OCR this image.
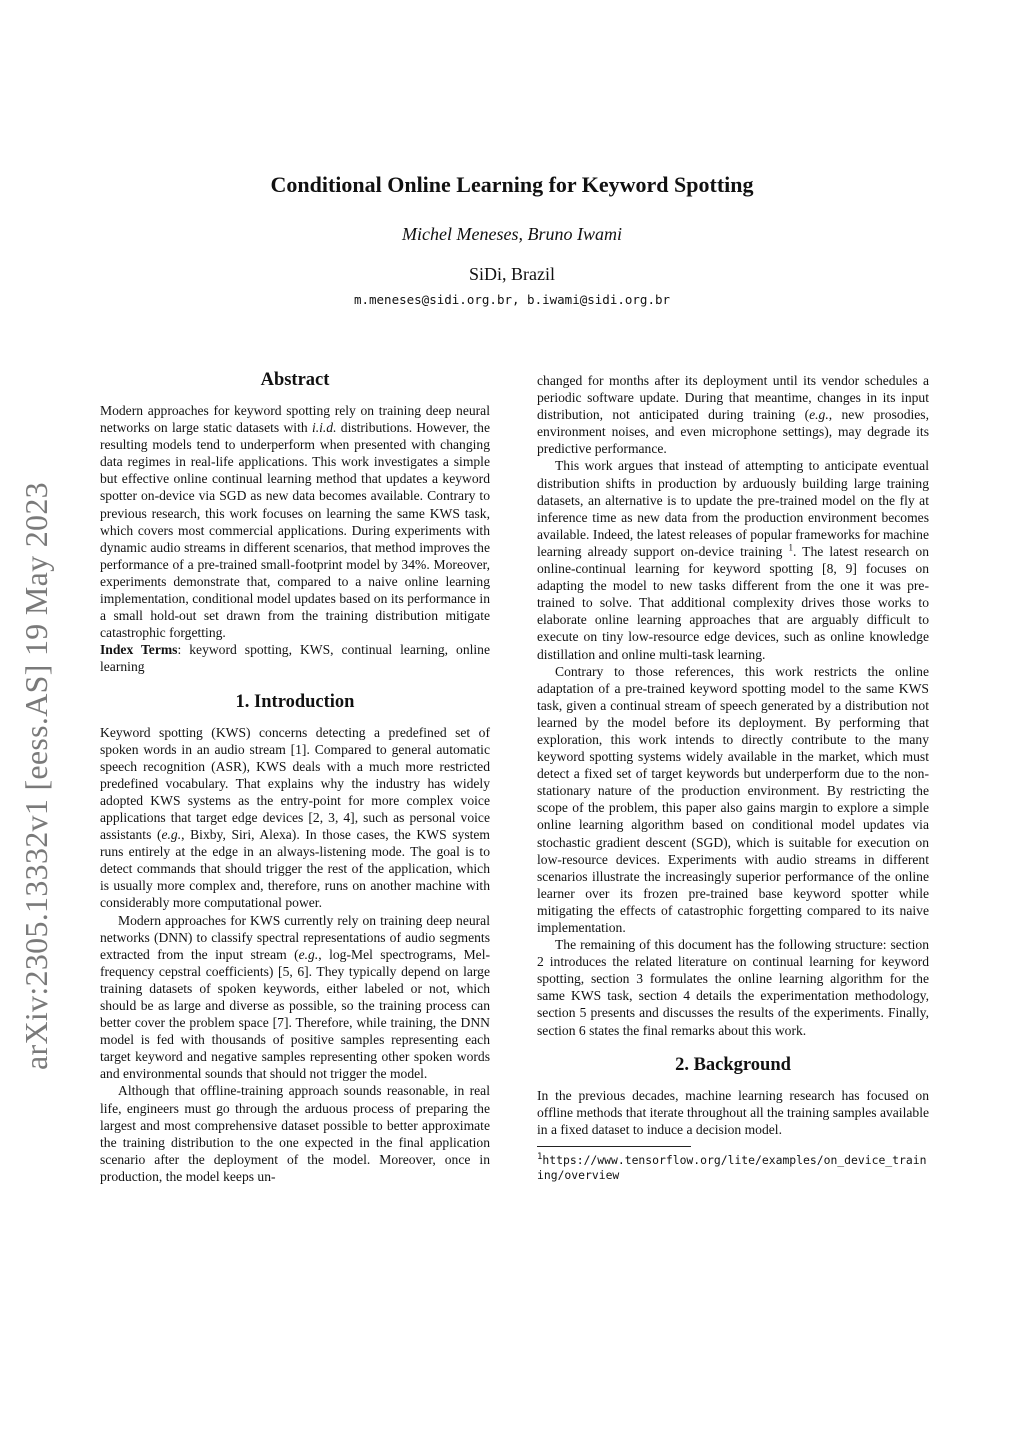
arXiv:2305.13332v1 [eess.AS] 19 May 2023
Conditional Online Learning for Keyword Spotting
Michel Meneses, Bruno Iwami
SiDi, Brazil
m.meneses@sidi.org.br, b.iwami@sidi.org.br
Abstract

Modern approaches for keyword spotting rely on training deep neural networks on large static datasets with i.i.d. distributions. However, the resulting models tend to underperform when presented with changing data regimes in real-life applications. This work investigates a simple but effective online continual learning method that updates a keyword spotter on-device via SGD as new data becomes available. Contrary to previous research, this work focuses on learning the same KWS task, which covers most commercial applications. During experiments with dynamic audio streams in different scenarios, that method improves the performance of a pre-trained small-footprint model by 34%. Moreover, experiments demonstrate that, compared to a naive online learning implementation, conditional model updates based on its performance in a small hold-out set drawn from the training distribution mitigate catastrophic forgetting.

Index Terms: keyword spotting, KWS, continual learning, online learning

1. Introduction

Keyword spotting (KWS) concerns detecting a predefined set of spoken words in an audio stream [1]. Compared to general automatic speech recognition (ASR), KWS deals with a much more restricted predefined vocabulary. That explains why the industry has widely adopted KWS systems as the entry-point for more complex voice applications that target edge devices [2, 3, 4], such as personal voice assistants (e.g., Bixby, Siri, Alexa). In those cases, the KWS system runs entirely at the edge in an always-listening mode. The goal is to detect commands that should trigger the rest of the application, which is usually more complex and, therefore, runs on another machine with considerably more computational power.

Modern approaches for KWS currently rely on training deep neural networks (DNN) to classify spectral representations of audio segments extracted from the input stream (e.g., log-Mel spectrograms, Mel-frequency cepstral coefficients) [5, 6]. They typically depend on large training datasets of spoken keywords, either labeled or not, which should be as large and diverse as possible, so the training process can better cover the problem space [7]. Therefore, while training, the DNN model is fed with thousands of positive samples representing each target keyword and negative samples representing other spoken words and environmental sounds that should not trigger the model.

Although that offline-training approach sounds reasonable, in real life, engineers must go through the arduous process of preparing the largest and most comprehensive dataset possible to better approximate the training distribution to the one expected in the final application scenario after the deployment of the model. Moreover, once in production, the model keeps un-

changed for months after its deployment until its vendor schedules a periodic software update. During that meantime, changes in its input distribution, not anticipated during training (e.g., new prosodies, environment noises, and even microphone settings), may degrade its predictive performance.

This work argues that instead of attempting to anticipate eventual distribution shifts in production by arduously building large training datasets, an alternative is to update the pre-trained model on the fly at inference time as new data from the production environment becomes available. Indeed, the latest releases of popular frameworks for machine learning already support on-device training $^1$. The latest research on online-continual learning for keyword spotting [8, 9] focuses on adapting the model to new tasks different from the one it was pre-trained to solve. That additional complexity drives those works to elaborate online learning approaches that are arguably difficult to execute on tiny low-resource edge devices, such as online knowledge distillation and online multi-task learning.

Contrary to those references, this work restricts the online adaptation of a pre-trained keyword spotting model to the same KWS task, given a continual stream of speech generated by a distribution not learned by the model before its deployment. By performing that exploration, this work intends to directly contribute to the many keyword spotting systems widely available in the market, which must detect a fixed set of target keywords but underperform due to the non-stationary nature of the production environment. By restricting the scope of the problem, this paper also gains margin to explore a simple online learning algorithm based on conditional model updates via stochastic gradient descent (SGD), which is suitable for execution on low-resource devices. Experiments with audio streams in different scenarios illustrate the increasingly superior performance of the online learner over its frozen pre-trained base keyword spotter while mitigating the effects of catastrophic forgetting compared to its naive implementation.

The remaining of this document has the following structure: section 2 introduces the related literature on continual learning for keyword spotting, section 3 formulates the online learning algorithm for the same KWS task, section 4 details the experimentation methodology, section 5 presents and discusses the results of the experiments. Finally, section 6 states the final remarks about this work.

2. Background

In the previous decades, machine learning research has focused on offline methods that iterate throughout all the training samples available in a fixed dataset to induce a decision model.

$^1$https://www.tensorflow.org/lite/examples/on_device_training/overview
